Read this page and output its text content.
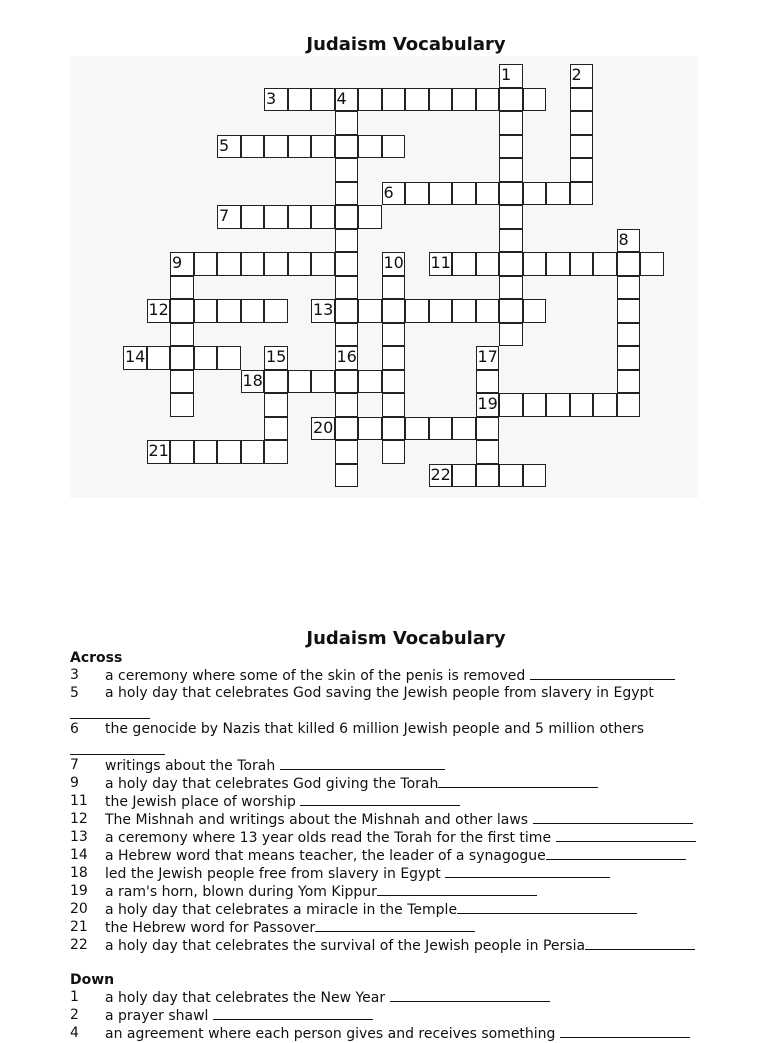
Judaism Vocabulary
1	2
3	4
5
6
7
8
9	10 11
12	13
14	15	16	17
18
19
20
21
22
Judaism Vocabulary
Across
3	a ceremony where some of the skin of the penis is removed
5	a holy day that celebrates God saving the Jewish people from slavery in Egypt
6	the genocide by Nazis that killed 6 million Jewish people and 5 million others
7	writings about the Torah
9	a holy day that celebrates God giving the Torah
11	the Jewish place of worship
12	The Mishnah and writings about the Mishnah and other laws
13	a ceremony where 13 year olds read the Torah for the first time
14	a Hebrew word that means teacher, the leader of a synagogue
18	led the Jewish people free from slavery in Egypt
19	a ram's horn, blown during Yom Kippur
20	a holy day that celebrates a miracle in the Temple
21	the Hebrew word for Passover
22	a holy day that celebrates the survival of the Jewish people in Persia
Down
1	a holy day that celebrates the New Year
2	a prayer shawl
4	an agreement where each person gives and receives something
